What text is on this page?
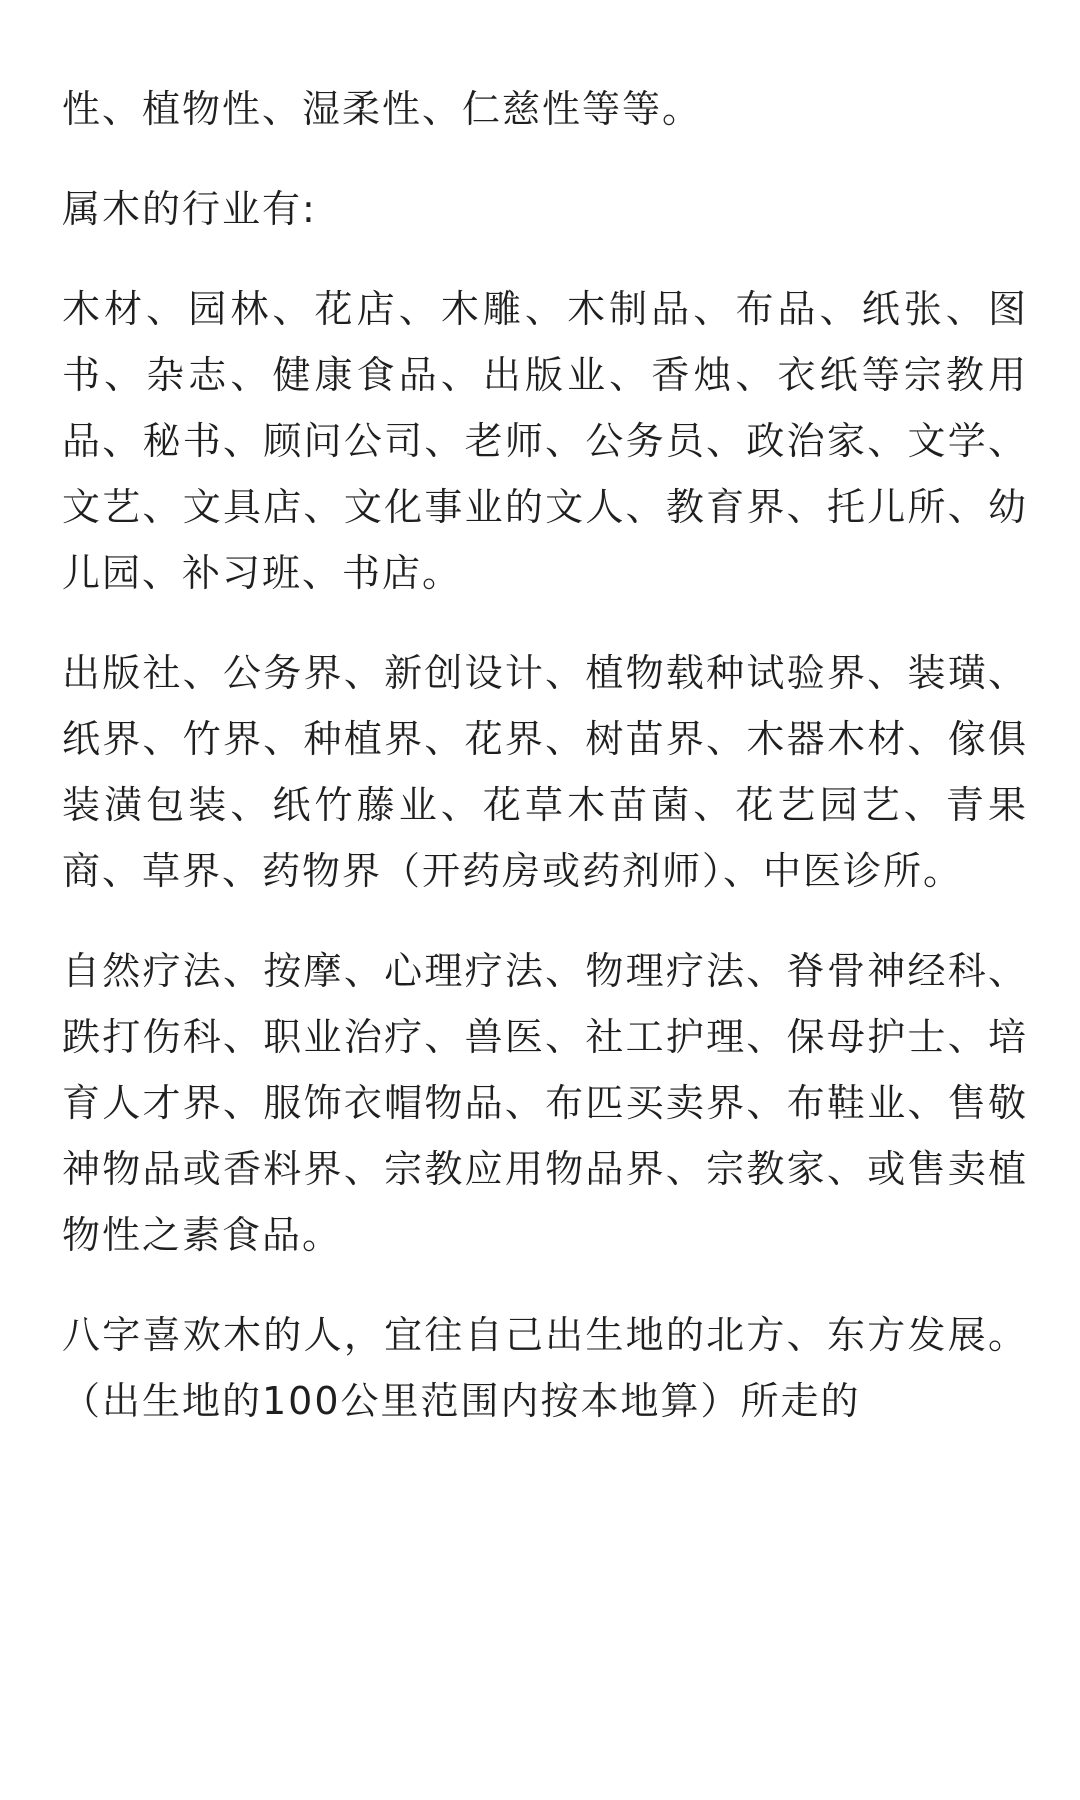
性、植物性、湿柔性、仁慈性等等。

属木的行业有:

木材、园林、花店、木雕、木制品、布品、纸张、图书、杂志、健康食品、出版业、香烛、衣纸等宗教用品、秘书、顾问公司、老师、公务员、政治家、文学、文艺、文具店、文化事业的文人、教育界、托儿所、幼儿园、补习班、书店。

出版社、公务界、新创设计、植物载种试验界、装璜、纸界、竹界、种植界、花界、树苗界、木器木材、傢俱装潢包装、纸竹藤业、花草木苗菌、花艺园艺、青果商、草界、药物界（开药房或药剂师）、中医诊所。

自然疗法、按摩、心理疗法、物理疗法、脊骨神经科、跌打伤科、职业治疗、兽医、社工护理、保母护士、培育人才界、服饰衣帽物品、布匹买卖界、布鞋业、售敬神物品或香料界、宗教应用物品界、宗教家、或售卖植物性之素食品。

八字喜欢木的人，宜往自己出生地的北方、东方发展。（出生地的100公里范围内按本地算）所走的
